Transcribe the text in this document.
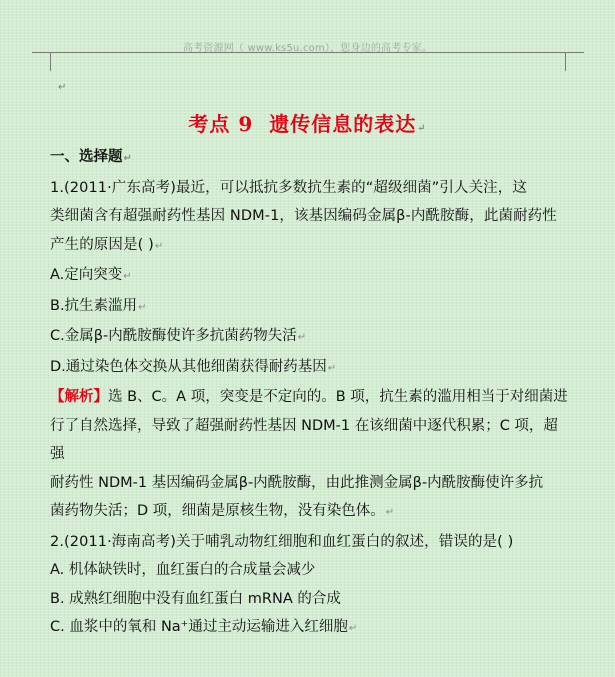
高考资源网（ www.ks5u.com），您身边的高考专家。
↵
考点 9 遗传信息的表达↵

一、选择题↵

1.(2011·广东高考)最近，可以抵抗多数抗生素的“超级细菌”引人关注，这

类细菌含有超强耐药性基因 NDM-1，该基因编码金属β-内酰胺酶，此菌耐药性

产生的原因是( )↵

A.定向突变↵

B.抗生素滥用↵

C.金属β-内酰胺酶使许多抗菌药物失活↵

D.通过染色体交换从其他细菌获得耐药基因↵

【解析】选 B、C。A 项，突变是不定向的。B 项，抗生素的滥用相当于对细菌进

行了自然选择，导致了超强耐药性基因 NDM-1 在该细菌中逐代积累；C 项，超强

耐药性 NDM-1 基因编码金属β-内酰胺酶，由此推测金属β-内酰胺酶使许多抗

菌药物失活；D 项，细菌是原核生物，没有染色体。↵

2.(2011·海南高考)关于哺乳动物红细胞和血红蛋白的叙述，错误的是( )

A. 机体缺铁时，血红蛋白的合成量会减少

B. 成熟红细胞中没有血红蛋白 mRNA 的合成

C. 血浆中的氧和 Na⁺通过主动运输进入红细胞↵
